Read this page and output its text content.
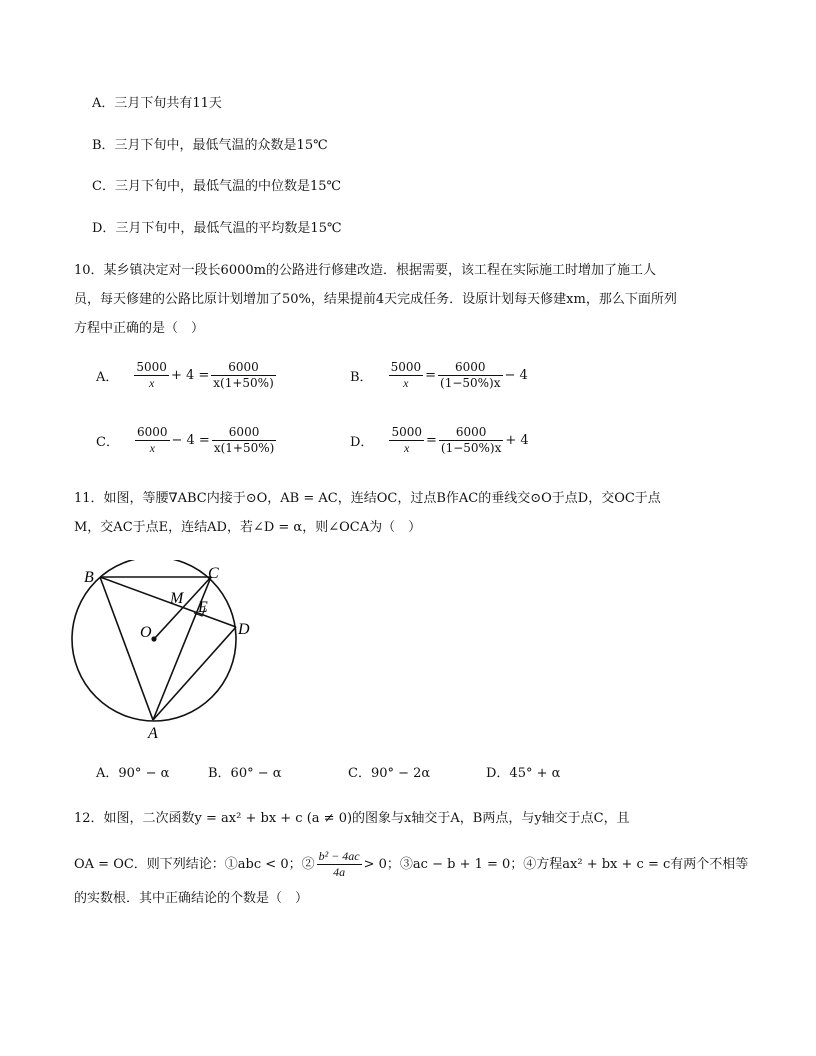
A．三月下旬共有11天
B．三月下旬中，最低气温的众数是15℃
C．三月下旬中，最低气温的中位数是15℃
D．三月下旬中，最低气温的平均数是15℃
10．某乡镇决定对一段长6000m的公路进行修建改造．根据需要，该工程在实际施工时增加了施工人
员，每天修建的公路比原计划增加了50%，结果提前4天完成任务．设原计划每天修建xm，那么下面所列
方程中正确的是（　）
A． $\frac{5000}{x} + 4 = \frac{6000}{x(1+50\%)}$	B． $\frac{5000}{x} = \frac{6000}{(1-50\%)x} - 4$
C． $\frac{6000}{x} - 4 = \frac{6000}{x(1+50\%)}$	D． $\frac{5000}{x} = \frac{6000}{(1-50\%)x} + 4$
11．如图，等腰∇ABC内接于⊙O，AB = AC，连结OC，过点B作AC的垂线交⊙O于点D，交OC于点
M，交AC于点E，连结AD，若∠D = α，则∠OCA为（　）
B	C
M
E
O	D
A
A．90° − α	B．60° − α	C．90° − 2α	D．45° + α
12．如图，二次函数y = ax² + bx + c (a ≠ 0)的图象与x轴交于A，B两点，与y轴交于点C，且
OA = OC．则下列结论：①abc < 0；② $\frac{\text{b² − 4ac}}{4a} > 0$；③ac − b + 1 = 0；④方程ax² + bx + c = c有两个不相等
的实数根．其中正确结论的个数是（　）
